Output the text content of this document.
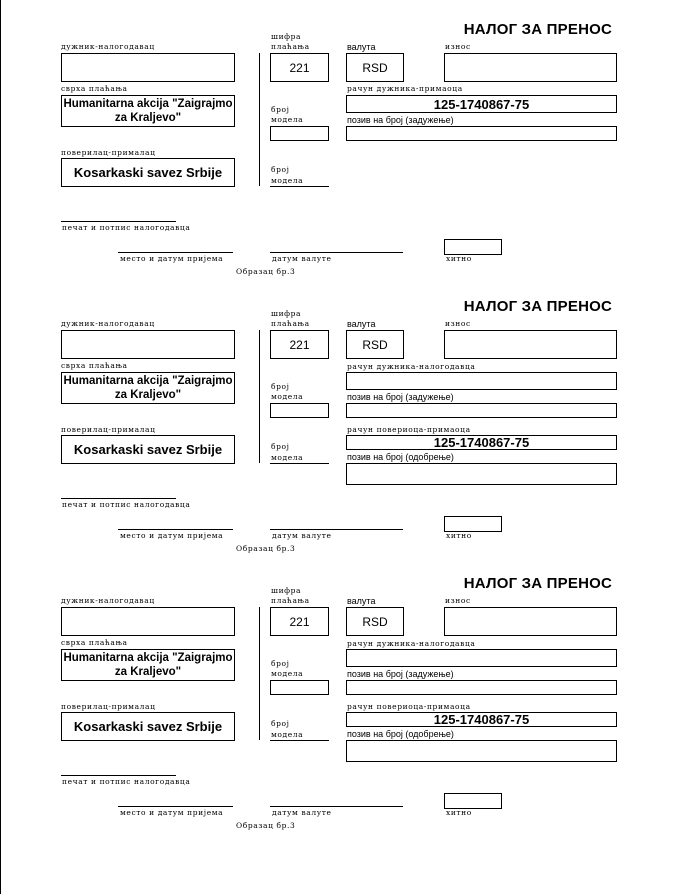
НАЛОГ ЗА ПРЕНОС
дужник-налогодавац
сврха плаћања
Humanitarna akcija "Zaigrajmo za Kraljevo"
поверилац-прималац
Kosarkaski savez Srbije
шифра
плаћања
221
број
модела
број
модела
валута
RSD
износ
рачун дужника-примаоца
125-1740867-75
позив на број (задужење)
печат и потпис налогодавца
место и датум пријема	датум валуте	хитно
Образац бр.3
НАЛОГ ЗА ПРЕНОС
дужник-налогодавац
сврха плаћања
Humanitarna akcija "Zaigrajmo za Kraljevo"
поверилац-прималац
Kosarkaski savez Srbije
шифра
плаћања
221
број
модела
број
модела
валута
RSD
износ
рачун дужника-налогодавца
позив на број (задужење)
рачун повериоца-примаоца
125-1740867-75
позив на број (одобрење)
печат и потпис налогодавца
место и датум пријема	датум валуте	хитно
Образац бр.3
НАЛОГ ЗА ПРЕНОС
дужник-налогодавац
сврха плаћања
Humanitarna akcija "Zaigrajmo za Kraljevo"
поверилац-прималац
Kosarkaski savez Srbije
шифра
плаћања
221
број
модела
број
модела
валута
RSD
износ
рачун дужника-налогодавца
позив на број (задужење)
рачун повериоца-примаоца
125-1740867-75
позив на број (одобрење)
печат и потпис налогодавца
место и датум пријема	датум валуте	хитно
Образац бр.3
